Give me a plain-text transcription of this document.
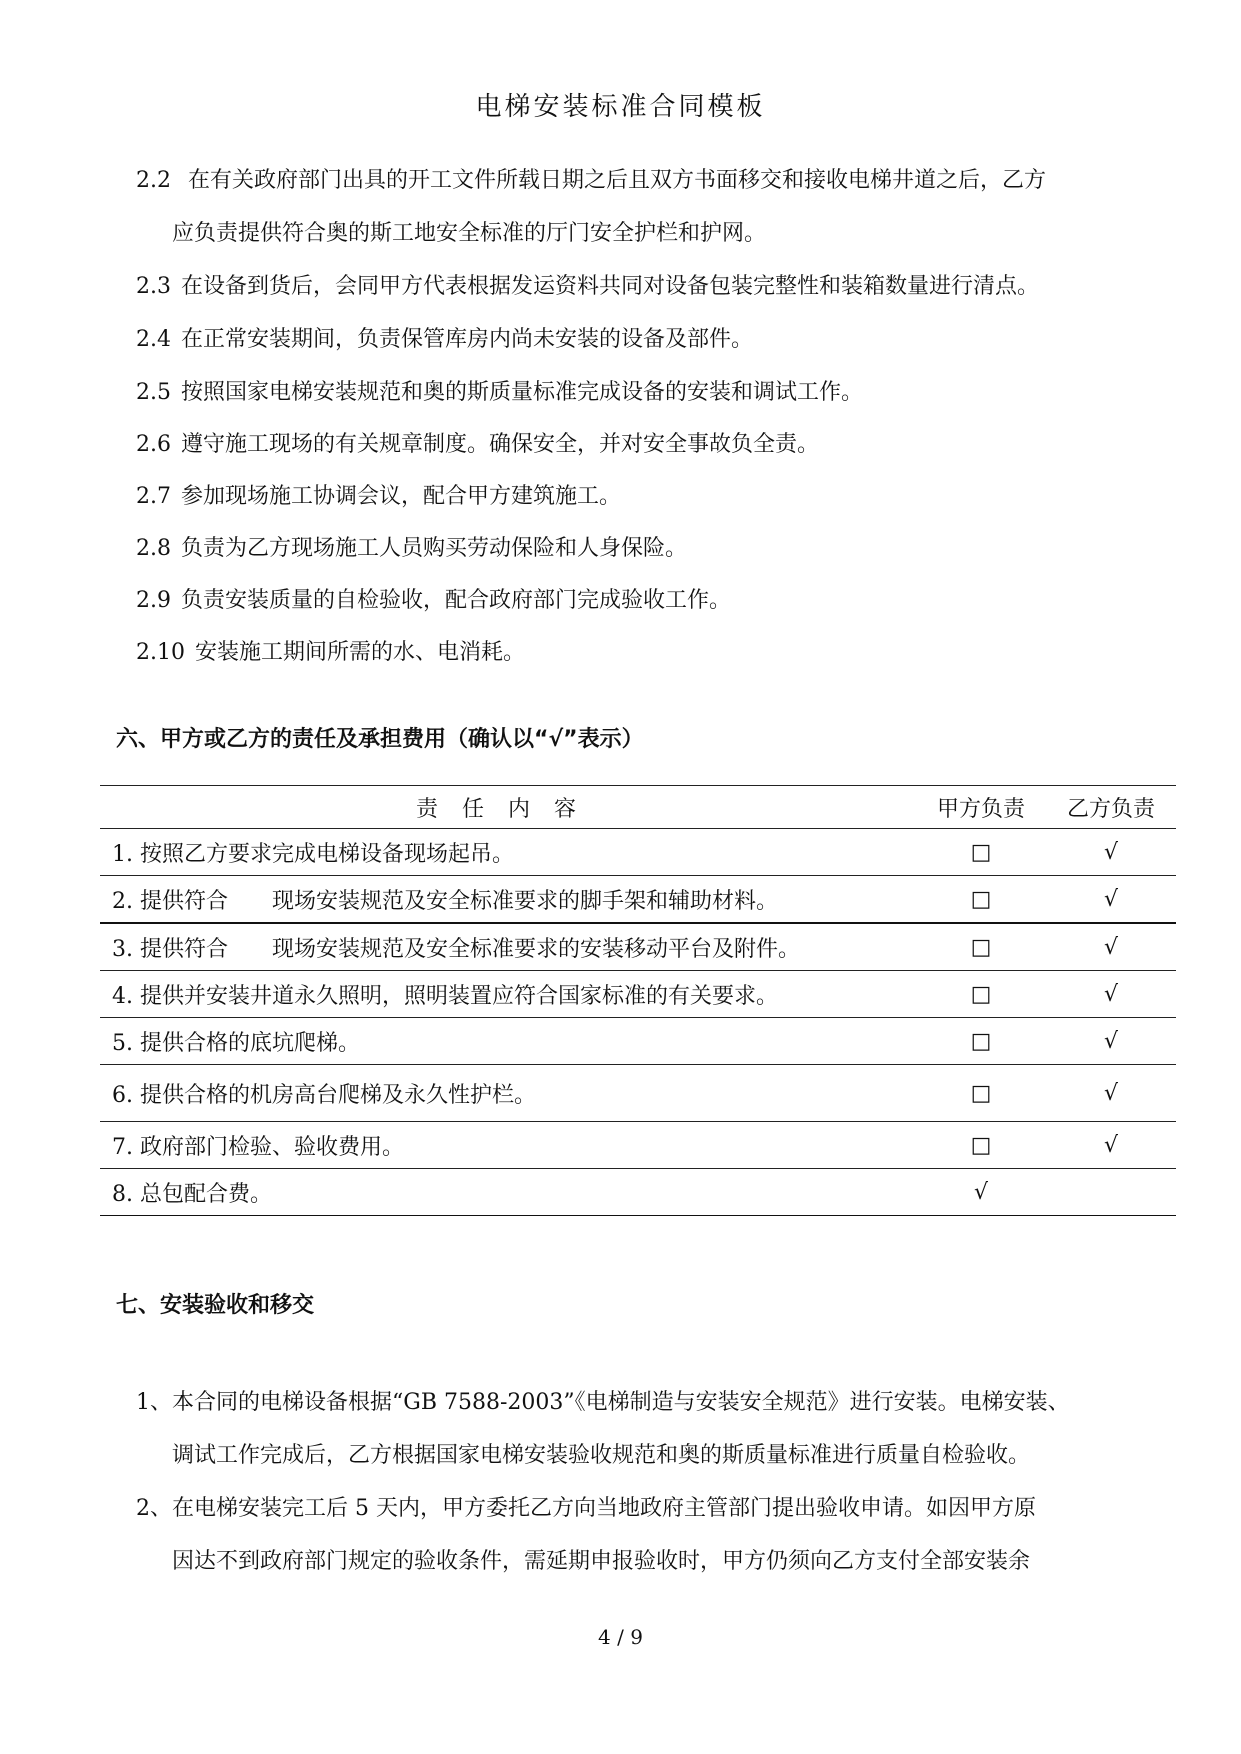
电梯安装标准合同模板
2.2 在有关政府部门出具的开工文件所载日期之后且双方书面移交和接收电梯井道之后，乙方
应负责提供符合奥的斯工地安全标准的厅门安全护栏和护网。
2.3 在设备到货后，会同甲方代表根据发运资料共同对设备包装完整性和装箱数量进行清点。
2.4 在正常安装期间，负责保管库房内尚未安装的设备及部件。
2.5 按照国家电梯安装规范和奥的斯质量标准完成设备的安装和调试工作。
2.6 遵守施工现场的有关规章制度。确保安全，并对安全事故负全责。
2.7 参加现场施工协调会议，配合甲方建筑施工。
2.8 负责为乙方现场施工人员购买劳动保险和人身保险。
2.9 负责安装质量的自检验收，配合政府部门完成验收工作。
2.10 安装施工期间所需的水、电消耗。
六、甲方或乙方的责任及承担费用（确认以“√”表示）
责任内容	甲方负责	乙方负责
1. 按照乙方要求完成电梯设备现场起吊。	□	√
2. 提供符合　　现场安装规范及安全标准要求的脚手架和辅助材料。	□	√
3. 提供符合　　现场安装规范及安全标准要求的安装移动平台及附件。	□	√
4. 提供并安装井道永久照明，照明装置应符合国家标准的有关要求。	□	√
5. 提供合格的底坑爬梯。	□	√
6. 提供合格的机房高台爬梯及永久性护栏。	□	√
7. 政府部门检验、验收费用。	□	√
8. 总包配合费。	√	
七、安装验收和移交
1、本合同的电梯设备根据“GB 7588-2003”《电梯制造与安装安全规范》进行安装。电梯安装、
调试工作完成后，乙方根据国家电梯安装验收规范和奥的斯质量标准进行质量自检验收。
2、在电梯安装完工后 5 天内，甲方委托乙方向当地政府主管部门提出验收申请。如因甲方原
因达不到政府部门规定的验收条件，需延期申报验收时，甲方仍须向乙方支付全部安装余
4 / 9
